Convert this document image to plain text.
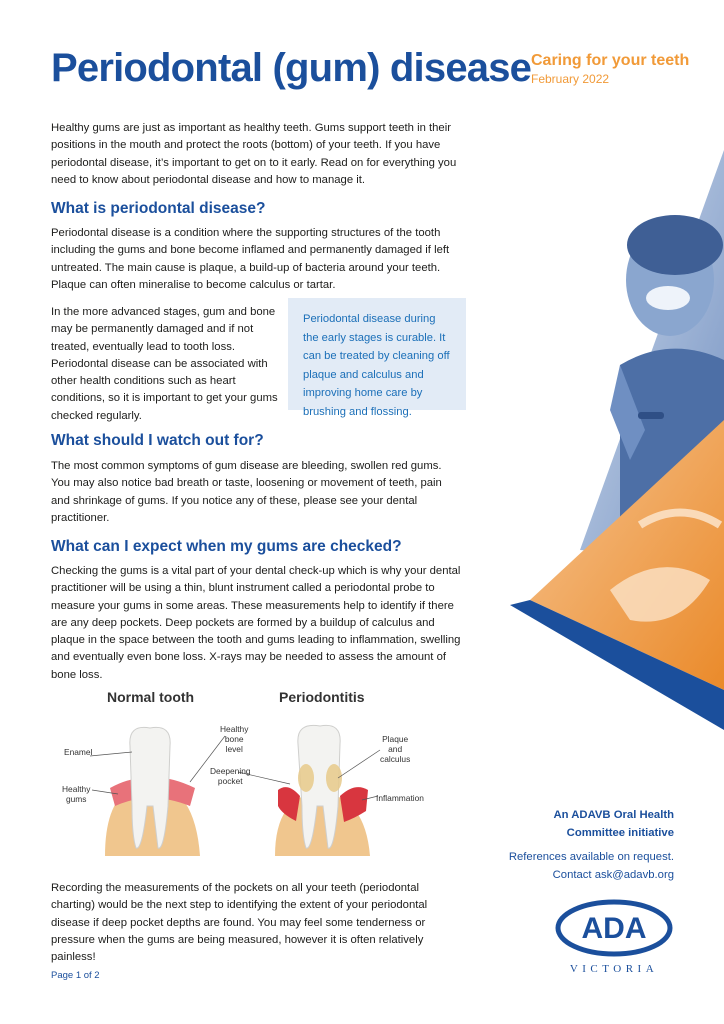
Periodontal (gum) disease Caring for your teeth
February 2022

Healthy gums are just as important as healthy teeth. Gums support teeth in their positions in the mouth and protect the roots (bottom) of your teeth. If you have periodontal disease, it’s important to get on to it early. Read on for everything you need to know about periodontal disease and how to manage it.

What is periodontal disease?

Periodontal disease is a condition where the supporting structures of the tooth including the gums and bone become inflamed and permanently damaged if left untreated. The main cause is plaque, a build-up of bacteria around your teeth. Plaque can often mineralise to become calculus or tartar.

In the more advanced stages, gum and bone may be permanently damaged and if not treated, eventually lead to tooth loss. Periodontal disease can be associated with other health conditions such as heart conditions, so it is important to get your gums checked regularly.

Periodontal disease during the early stages is curable. It can be treated by cleaning off plaque and calculus and improving home care by brushing and flossing.
What should I watch out for?

The most common symptoms of gum disease are bleeding, swollen red gums. You may also notice bad breath or taste, loosening or movement of teeth, pain and shrinkage of gums. If you notice any of these, please see your dental practitioner.

What can I expect when my gums are checked?

Checking the gums is a vital part of your dental check-up which is why your dental practitioner will be using a thin, blunt instrument called a periodontal probe to measure your gums in some areas. These measurements help to identify if there are any deep pockets. Deep pockets are formed by a buildup of calculus and plaque in the space between the tooth and gums leading to inflammation, swelling and eventually even bone loss. X-rays may be needed to assess the amount of bone loss.

Normal tooth	Periodontitis
Enamel
Healthy
gums
Healthy
bone
level
Deepening
pocket
Plaque
and
calculus
Inflammation

Recording the measurements of the pockets on all your teeth (periodontal charting) would be the next step to identifying the extent of your periodontal disease if deep pocket depths are found. You may feel some tenderness or pressure when the gums are being measured, however it is often relatively painless!

An ADAVB Oral Health
Committee initiative
References available on request.
Contact ask@adavb.org
ADA
VICTORIA
Page 1 of 2
